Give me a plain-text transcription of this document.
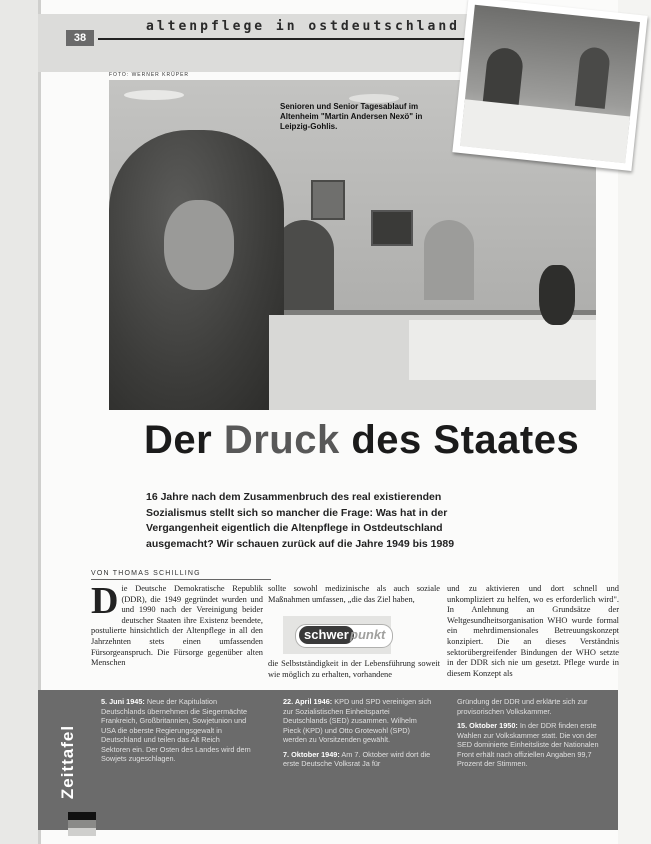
38
altenpflege in ostdeutschland
FOTO: WERNER KRÜPER
Senioren und Senior Tagesablauf im Altenheim "Martin Andersen Nexö" in Leipzig-Gohlis.
Der Druck des Staates
16 Jahre nach dem Zusammenbruch des real existierenden Sozialismus stellt sich so mancher die Frage: Was hat in der Vergangenheit eigentlich die Altenpflege in Ostdeutschland ausgemacht? Wir schauen zurück auf die Jahre 1949 bis 1989
VON THOMAS SCHILLING
Die Deutsche Demokratische Republik (DDR), die 1949 gegründet wurden und und 1990 nach der Vereinigung beider deutscher Staaten ihre Existenz beendete, postulierte hinsichtlich der Altenpflege in all den Jahrzehnten stets einen umfassenden Fürsorgeanspruch. Die Fürsorge gegenüber alten Menschen
sollte sowohl medizinische als auch soziale Maßnahmen umfassen, „die das Ziel haben,
die Selbstständigkeit in der Lebensführung soweit wie möglich zu erhalten, vorhandene
und zu aktivieren und dort schnell und unkompliziert zu helfen, wo es erforderlich wird". In Anlehnung an Grundsätze der Weltgesundheitsorganisation WHO wurde formal ein mehrdimensionales Betreuungskonzept konzipiert. Die an dieses Verständnis sektorübergreifender Bindungen der WHO setzte in der DDR sich nie um gesetzt. Pflege wurde in diesem Konzept als
schwer punkt
Zeittafel

5. Juni 1945: Neue der Kapitulation Deutschlands übernehmen die Siegermächte Frankreich, Großbritannien, Sowjetunion und USA die oberste Regierungsgewalt in Deutschland und teilen das Alt Reich Sektoren ein. Der Osten des Landes wird dem Sowjets zugeschlagen.

22. April 1946: KPD und SPD vereinigen sich zur Sozialistischen Einheitspartei Deutschlands (SED) zusammen. Wilhelm Pieck (KPD) und Otto Grotewohl (SPD) werden zu Vorsitzenden gewählt.

7. Oktober 1949: Am 7. Oktober wird dort die erste Deutsche Volksrat Ja für

Gründung der DDR und erklärte sich zur provisorischen Volkskammer.

15. Oktober 1950: In der DDR finden erste Wahlen zur Volkskammer statt. Die von der SED dominierte Einheitsliste der Nationalen Front erhält nach offiziellen Angaben 99,7 Prozent der Stimmen.
